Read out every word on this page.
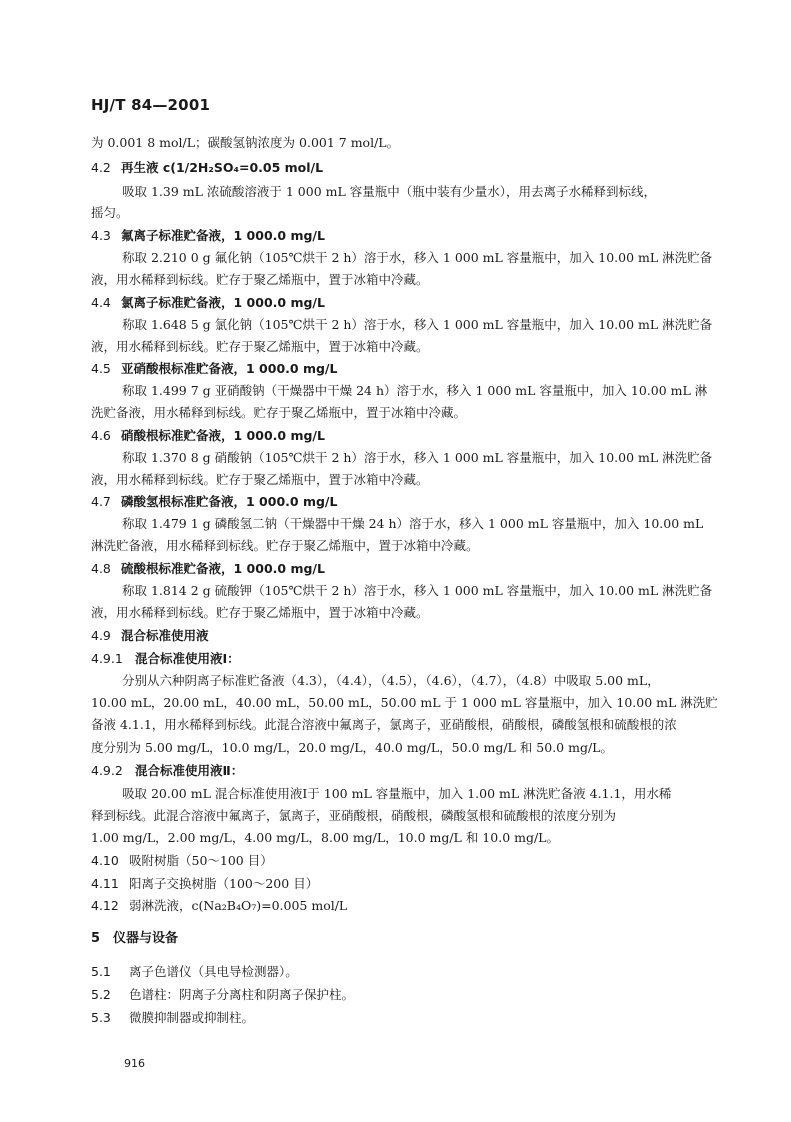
HJ/T 84—2001
为 0.001 8 mol/L；碳酸氢钠浓度为 0.001 7 mol/L。
4.2 再生液 c(1/2H₂SO₄=0.05 mol/L
吸取 1.39 mL 浓硫酸溶液于 1 000 mL 容量瓶中（瓶中装有少量水），用去离子水稀释到标线，
摇匀。
4.3 氟离子标准贮备液，1 000.0 mg/L
称取 2.210 0 g 氟化钠（105℃烘干 2 h）溶于水，移入 1 000 mL 容量瓶中，加入 10.00 mL 淋洗贮备
液，用水稀释到标线。贮存于聚乙烯瓶中，置于冰箱中冷藏。
4.4 氯离子标准贮备液，1 000.0 mg/L
称取 1.648 5 g 氯化钠（105℃烘干 2 h）溶于水，移入 1 000 mL 容量瓶中，加入 10.00 mL 淋洗贮备
液，用水稀释到标线。贮存于聚乙烯瓶中，置于冰箱中冷藏。
4.5 亚硝酸根标准贮备液，1 000.0 mg/L
称取 1.499 7 g 亚硝酸钠（干燥器中干燥 24 h）溶于水，移入 1 000 mL 容量瓶中，加入 10.00 mL 淋
洗贮备液，用水稀释到标线。贮存于聚乙烯瓶中，置于冰箱中冷藏。
4.6 硝酸根标准贮备液，1 000.0 mg/L
称取 1.370 8 g 硝酸钠（105℃烘干 2 h）溶于水，移入 1 000 mL 容量瓶中，加入 10.00 mL 淋洗贮备
液，用水稀释到标线。贮存于聚乙烯瓶中，置于冰箱中冷藏。
4.7 磷酸氢根标准贮备液，1 000.0 mg/L
称取 1.479 1 g 磷酸氢二钠（干燥器中干燥 24 h）溶于水，移入 1 000 mL 容量瓶中，加入 10.00 mL
淋洗贮备液，用水稀释到标线。贮存于聚乙烯瓶中，置于冰箱中冷藏。
4.8 硫酸根标准贮备液，1 000.0 mg/L
称取 1.814 2 g 硫酸钾（105℃烘干 2 h）溶于水，移入 1 000 mL 容量瓶中，加入 10.00 mL 淋洗贮备
液，用水稀释到标线。贮存于聚乙烯瓶中，置于冰箱中冷藏。
4.9 混合标准使用液
4.9.1 混合标准使用液Ⅰ：
分别从六种阴离子标准贮备液（4.3），（4.4），（4.5），（4.6），（4.7），（4.8）中吸取 5.00 mL，
10.00 mL，20.00 mL，40.00 mL，50.00 mL，50.00 mL 于 1 000 mL 容量瓶中，加入 10.00 mL 淋洗贮
备液 4.1.1，用水稀释到标线。此混合溶液中氟离子，氯离子，亚硝酸根，硝酸根，磷酸氢根和硫酸根的浓
度分别为 5.00 mg/L，10.0 mg/L，20.0 mg/L，40.0 mg/L，50.0 mg/L 和 50.0 mg/L。
4.9.2 混合标准使用液Ⅱ：
吸取 20.00 mL 混合标准使用液Ⅰ于 100 mL 容量瓶中，加入 1.00 mL 淋洗贮备液 4.1.1，用水稀
释到标线。此混合溶液中氟离子，氯离子，亚硝酸根，硝酸根，磷酸氢根和硫酸根的浓度分别为
1.00 mg/L，2.00 mg/L，4.00 mg/L，8.00 mg/L，10.0 mg/L 和 10.0 mg/L。
4.10 吸附树脂（50～100 目）
4.11 阳离子交换树脂（100～200 目）
4.12 弱淋洗液，c(Na₂B₄O₇)=0.005 mol/L
5 仪器与设备
5.1 离子色谱仪（具电导检测器）。
5.2 色谱柱：阴离子分离柱和阴离子保护柱。
5.3 微膜抑制器或抑制柱。
916
